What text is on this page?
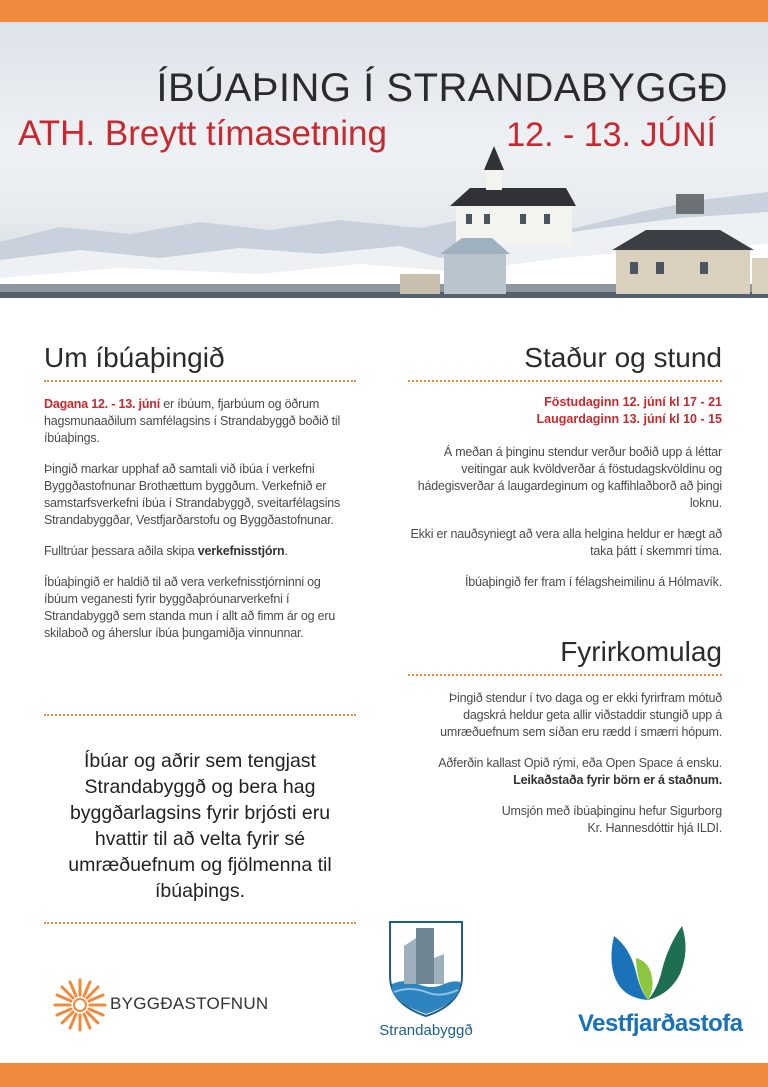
ÍBÚAÞING Í STRANDABYGGÐ

ATH. Breytt tímasetning	12. - 13. JÚNÍ

Um íbúaþingið

Dagana 12. - 13. júní er íbúum, fjarbúum og öðrum hagsmunaaðilum samfélagsins í Strandabyggð boðið til íbúaþings.

Þingið markar upphaf að samtali við íbúa í verkefni Byggðastofnunar Brothættum byggðum. Verkefnið er samstarfsverkefni íbúa í Strandabyggð, sveitarfélagsins Strandabyggðar, Vestfjarðarstofu og Byggðastofnunar.

Fulltrúar þessara aðila skipa verkefnisstjórn.

Íbúaþingið er haldið til að vera verkefnisstjórninni og íbúum veganesti fyrir byggðaþróunarverkefni í Strandabyggð sem standa mun í allt að fimm ár og eru skilaboð og áherslur íbúa þungamiðja vinnunnar.

Íbúar og aðrir sem tengjast Strandabyggð og bera hag byggðarlagsins fyrir brjósti eru hvattir til að velta fyrir sé umræðuefnum og fjölmenna til íbúaþings.

Staður og stund

Föstudaginn 12. júní kl 17 - 21
Laugardaginn 13. júní kl 10 - 15

Á meðan á þinginu stendur verður boðið upp á léttar veitingar auk kvöldverðar á föstudagskvöldinu og hádegisverðar á laugardeginum og kaffihlaðborð að þingi loknu.

Ekki er nauðsyniegt að vera alla helgina heldur er hægt að taka þátt í skemmri tíma.

Íbúaþingið fer fram í félagsheimilinu á Hólmavík.

Fyrirkomulag

Þingið stendur í tvo daga og er ekki fyrirfram mótuð dagskrá heldur geta allir viðstaddir stungið upp á umræðuefnum sem síðan eru rædd í smærri hópum.

Aðferðin kallast Opið rými, eða Open Space á ensku. Leikaðstaða fyrir börn er á staðnum.

Umsjón með íbúaþinginu hefur Sigurborg Kr. Hannesdóttir hjá ILDI.

BYGGÐASTOFNUN
Strandabyggð	Vestfjarðastofa
